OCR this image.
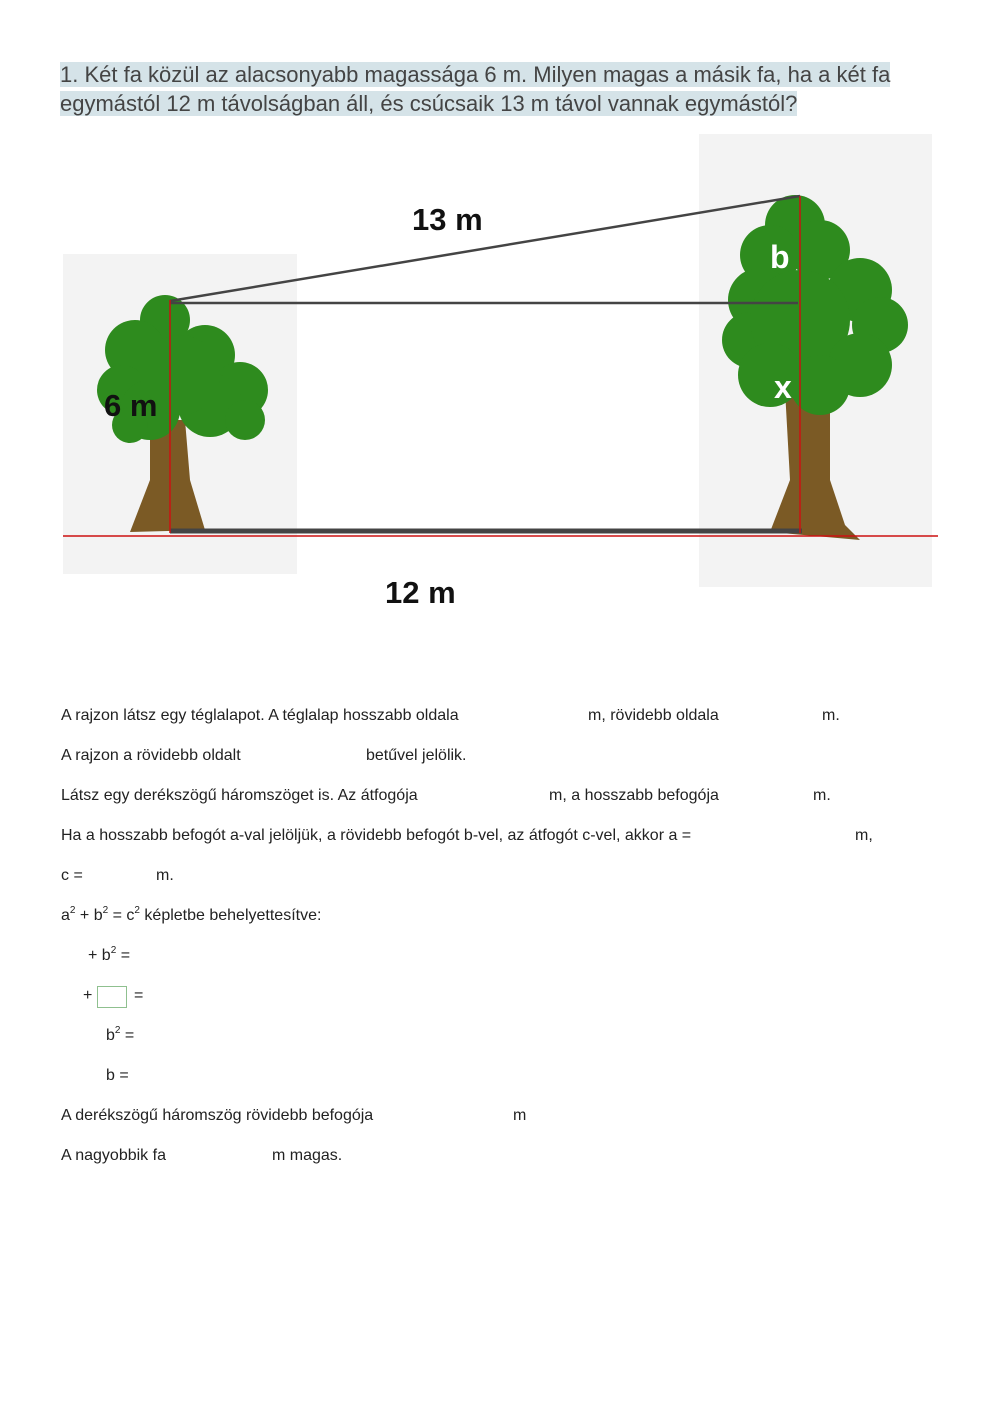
1. Két fa közül az alacsonyabb magassága 6 m. Milyen magas a másik fa, ha a két fa egymástól 12 m távolságban áll, és csúcsaik 13 m távol vannak egymástól?

13 m
6 m
12 m
b
x
A rajzon látsz egy téglalapot. A téglalap hosszabb oldala	m, rövidebb oldala	m.
A rajzon a rövidebb oldalt	betűvel jelölik.
Látsz egy derékszögű háromszöget is. Az átfogója	m, a hosszabb befogója	m.
Ha a hosszabb befogót a-val jelöljük, a rövidebb befogót b-vel, az átfogót c-vel, akkor a =	m,
c =	m.
$a^2 + b^2 = c^2$ képletbe behelyettesítve:
+ $b^2$ =
+	=
$b^2$ =
b =
A derékszögű háromszög rövidebb befogója	m
A nagyobbik fa	m magas.
